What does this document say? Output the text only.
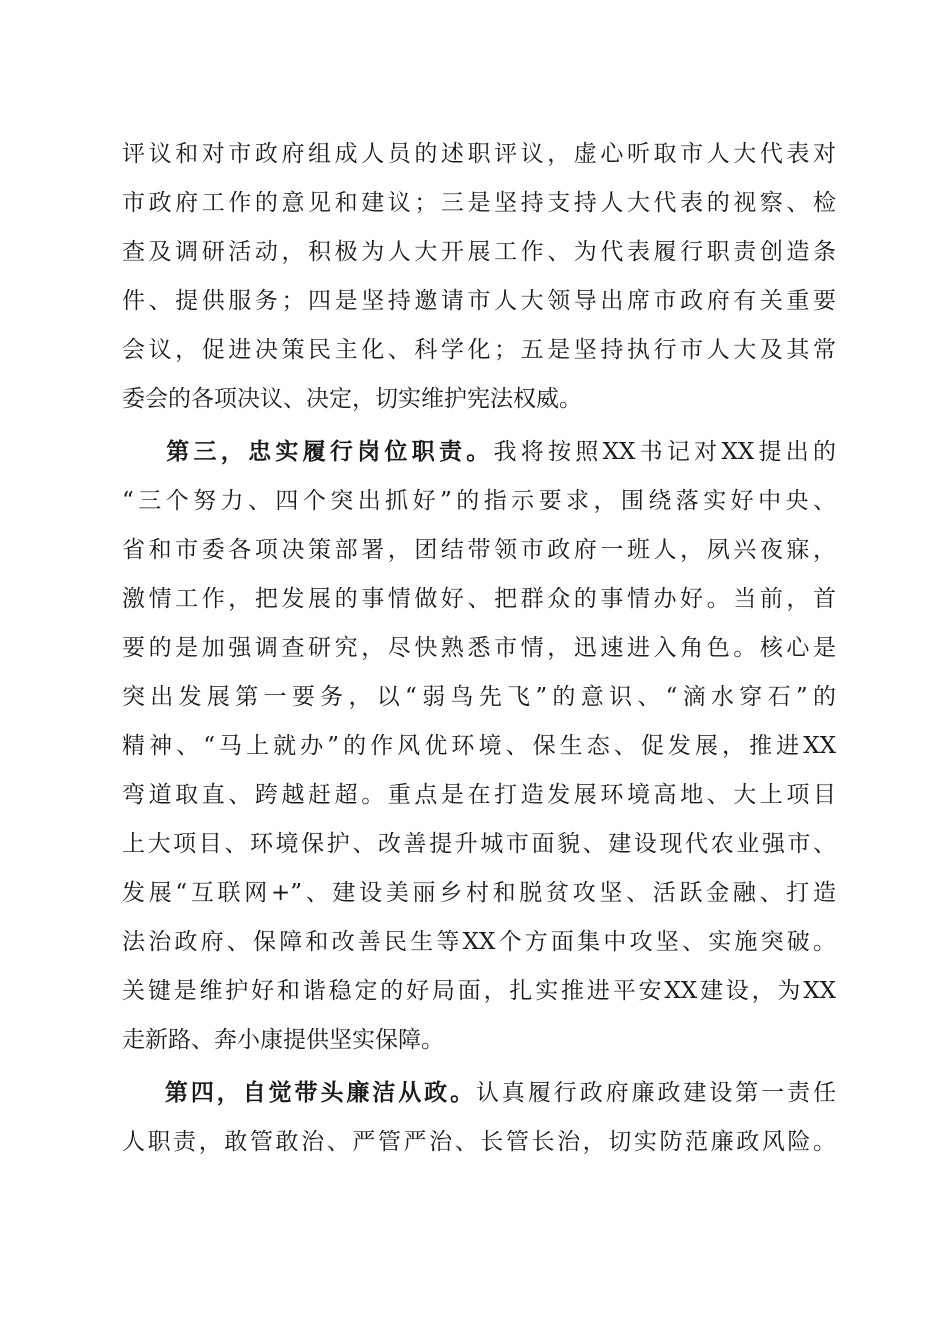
评议和对市政府组成人员的述职评议，虚心听取市人大代表对
市政府工作的意见和建议；三是坚持支持人大代表的视察、检
查及调研活动，积极为人大开展工作、为代表履行职责创造条
件、提供服务；四是坚持邀请市人大领导出席市政府有关重要
会议，促进决策民主化、科学化；五是坚持执行市人大及其常
委会的各项决议、决定，切实维护宪法权威。
第三，忠实履行岗位职责。我将按照XX书记对XX提出的
“三个努力、四个突出抓好”的指示要求，围绕落实好中央、
省和市委各项决策部署，团结带领市政府一班人，夙兴夜寐，
激情工作，把发展的事情做好、把群众的事情办好。当前，首
要的是加强调查研究，尽快熟悉市情，迅速进入角色。核心是
突出发展第一要务，以“弱鸟先飞”的意识、“滴水穿石”的
精神、“马上就办”的作风优环境、保生态、促发展，推进XX
弯道取直、跨越赶超。重点是在打造发展环境高地、大上项目
上大项目、环境保护、改善提升城市面貌、建设现代农业强市、
发展“互联网+”、建设美丽乡村和脱贫攻坚、活跃金融、打造
法治政府、保障和改善民生等XX个方面集中攻坚、实施突破。
关键是维护好和谐稳定的好局面，扎实推进平安XX建设，为XX
走新路、奔小康提供坚实保障。
第四，自觉带头廉洁从政。认真履行政府廉政建设第一责任
人职责，敢管敢治、严管严治、长管长治，切实防范廉政风险。
